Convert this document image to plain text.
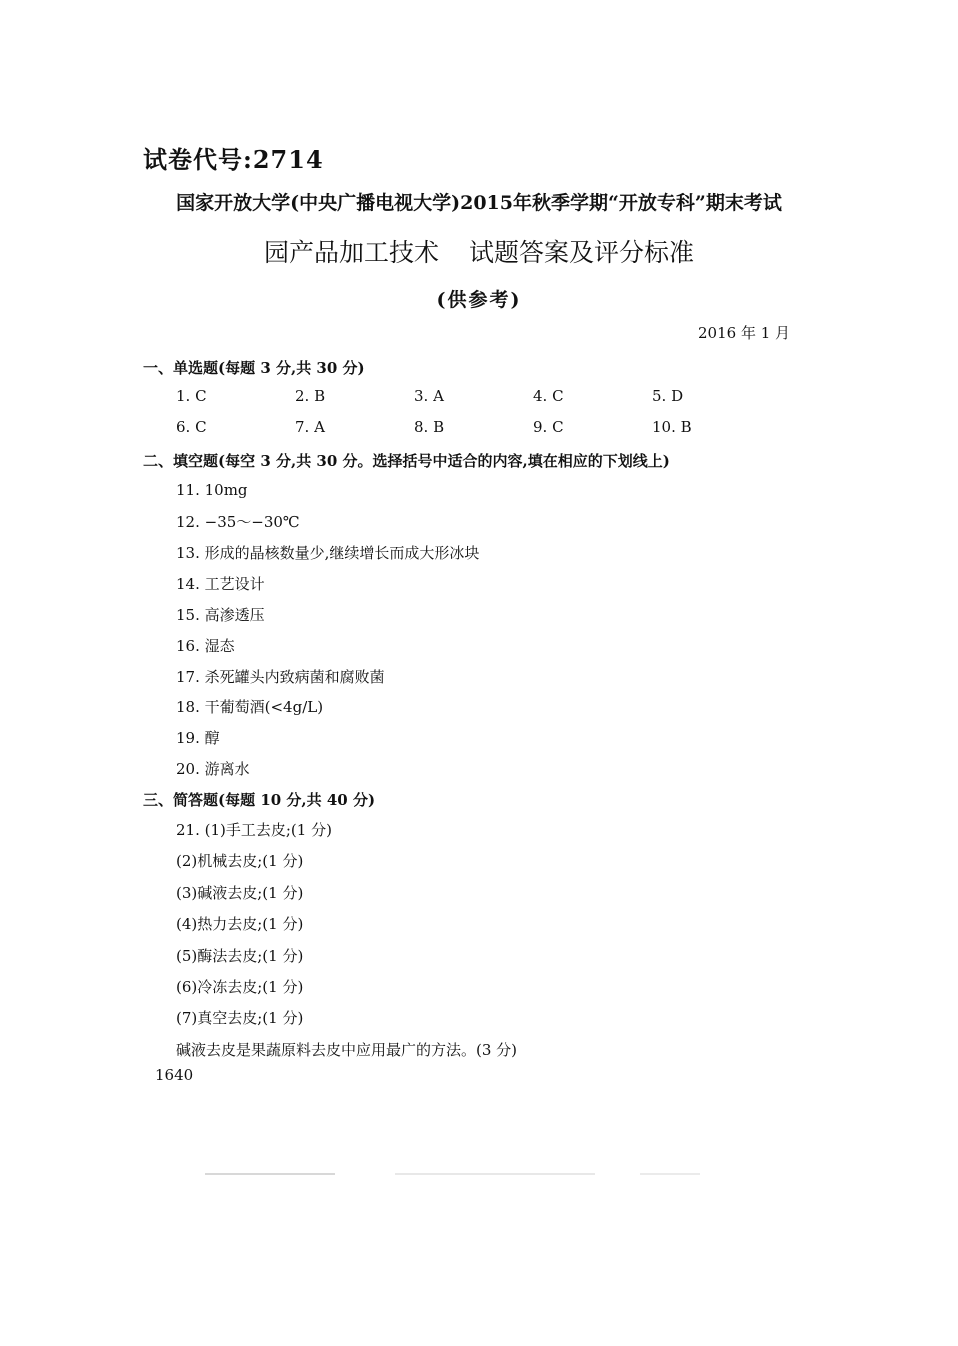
试卷代号:2714
国家开放大学(中央广播电视大学)2015年秋季学期“开放专科”期末考试
园产品加工技术 试题答案及评分标准
(供参考)
2016 年 1 月
一、单选题(每题 3 分,共 30 分)
1. C	2. B	3. A	4. C	5. D
6. C	7. A	8. B	9. C	10. B
二、填空题(每空 3 分,共 30 分。选择括号中适合的内容,填在相应的下划线上)
11. 10mg
12. −35～−30℃
13. 形成的晶核数量少,继续增长而成大形冰块
14. 工艺设计
15. 高渗透压
16. 湿态
17. 杀死罐头内致病菌和腐败菌
18. 干葡萄酒(<4g/L)
19. 醇
20. 游离水
三、简答题(每题 10 分,共 40 分)
21. (1)手工去皮;(1 分)
(2)机械去皮;(1 分)
(3)碱液去皮;(1 分)
(4)热力去皮;(1 分)
(5)酶法去皮;(1 分)
(6)冷冻去皮;(1 分)
(7)真空去皮;(1 分)
碱液去皮是果蔬原料去皮中应用最广的方法。(3 分)
1640
